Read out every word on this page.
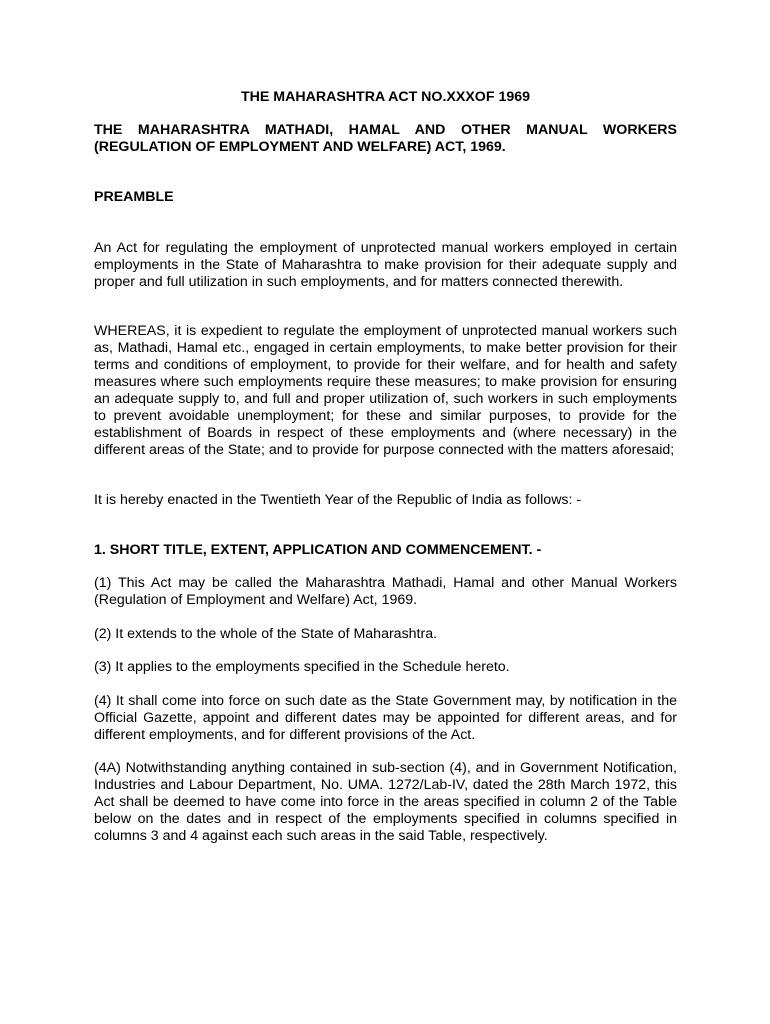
THE MAHARASHTRA ACT NO.XXXOF 1969

THE MAHARASHTRA MATHADI, HAMAL AND OTHER MANUAL WORKERS (REGULATION OF EMPLOYMENT AND WELFARE) ACT, 1969.

PREAMBLE

An Act for regulating the employment of unprotected manual workers employed in certain employments in the State of Maharashtra to make provision for their adequate supply and proper and full utilization in such employments, and for matters connected therewith.

WHEREAS, it is expedient to regulate the employment of unprotected manual workers such as, Mathadi, Hamal etc., engaged in certain employments, to make better provision for their terms and conditions of employment, to provide for their welfare, and for health and safety measures where such employments require these measures; to make provision for ensuring an adequate supply to, and full and proper utilization of, such workers in such employments to prevent avoidable unemployment; for these and similar purposes, to provide for the establishment of Boards in respect of these employments and (where necessary) in the different areas of the State; and to provide for purpose connected with the matters aforesaid;

It is hereby enacted in the Twentieth Year of the Republic of India as follows: -

1. SHORT TITLE, EXTENT, APPLICATION AND COMMENCEMENT. -

(1) This Act may be called the Maharashtra Mathadi, Hamal and other Manual Workers (Regulation of Employment and Welfare) Act, 1969.

(2) It extends to the whole of the State of Maharashtra.

(3) It applies to the employments specified in the Schedule hereto.

(4) It shall come into force on such date as the State Government may, by notification in the Official Gazette, appoint and different dates may be appointed for different areas, and for different employments, and for different provisions of the Act.

(4A) Notwithstanding anything contained in sub-section (4), and in Government Notification, Industries and Labour Department, No. UMA. 1272/Lab-IV, dated the 28th March 1972, this Act shall be deemed to have come into force in the areas specified in column 2 of the Table below on the dates and in respect of the employments specified in columns specified in columns 3 and 4 against each such areas in the said Table, respectively.
